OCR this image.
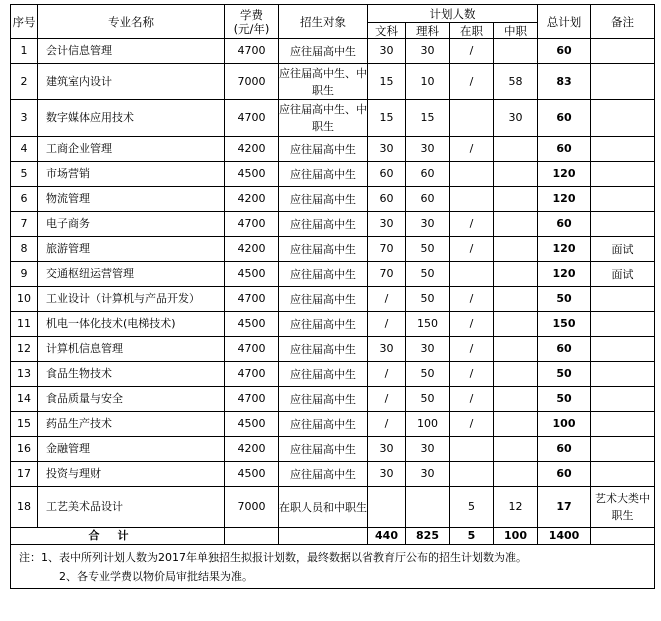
序号	专业名称	学费
(元/年)	招生对象	计划人数				总计划	备注
				文科	理科	在职	中职		
1	会计信息管理	4700	应往届高中生	30	30	/		60	
2	建筑室内设计	7000	应往届高中生、中职生	15	10	/	58	83	
3	数字媒体应用技术	4700	应往届高中生、中职生	15	15		30	60	
4	工商企业管理	4200	应往届高中生	30	30	/		60	
5	市场营销	4500	应往届高中生	60	60			120	
6	物流管理	4200	应往届高中生	60	60			120	
7	电子商务	4700	应往届高中生	30	30	/		60	
8	旅游管理	4200	应往届高中生	70	50	/		120	面试
9	交通枢纽运营管理	4500	应往届高中生	70	50			120	面试
10	工业设计（计算机与产品开发）	4700	应往届高中生	/	50	/		50	
11	机电一体化技术(电梯技术)	4500	应往届高中生	/	150	/		150	
12	计算机信息管理	4700	应往届高中生	30	30	/		60	
13	食品生物技术	4700	应往届高中生	/	50	/		50	
14	食品质量与安全	4700	应往届高中生	/	50	/		50	
15	药品生产技术	4500	应往届高中生	/	100	/		100	
16	金融管理	4200	应往届高中生	30	30			60	
17	投资与理财	4500	应往届高中生	30	30			60	
18	工艺美术品设计	7000	在职人员和中职生			5	12	17	艺术大类中职生
合计				440	825	5	100	1400	

注：1、表中所列计划人数为2017年单独招生拟报计划数，最终数据以省教育厅公布的招生计划数为准。
2、各专业学费以物价局审批结果为准。									
